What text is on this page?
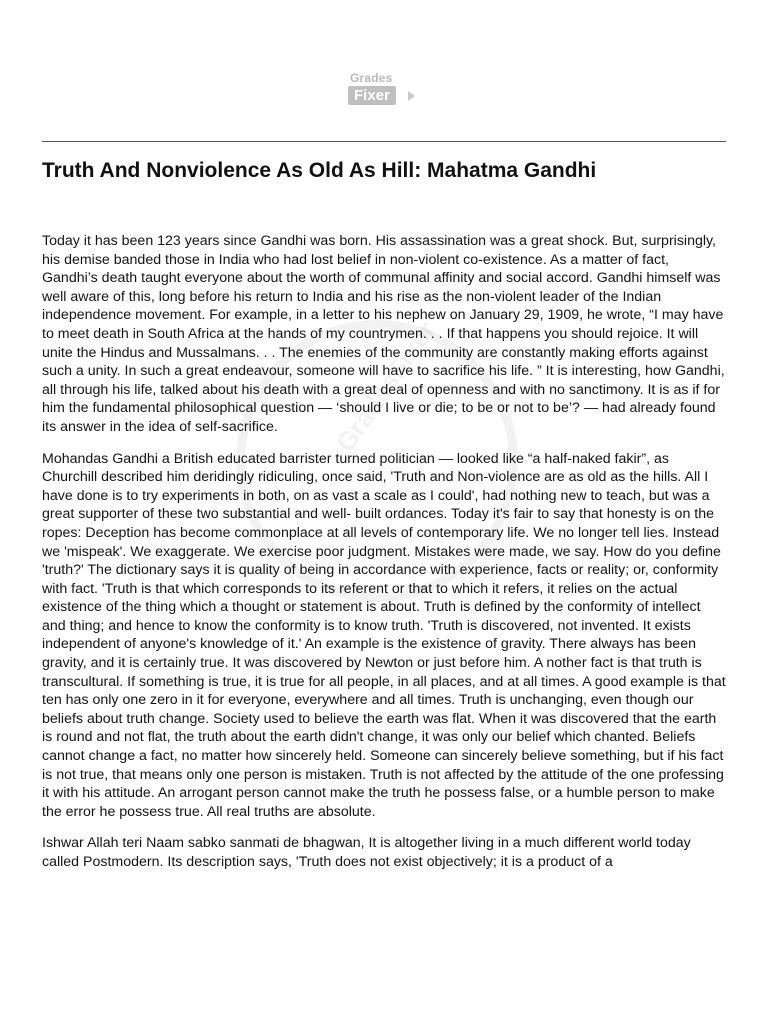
Grades
Fixer
Truth And Nonviolence As Old As Hill: Mahatma Gandhi
GradesFixer

Today it has been 123 years since Gandhi was born. His assassination was a great shock. But, surprisingly, his demise banded those in India who had lost belief in non-violent co-existence. As a matter of fact, Gandhi’s death taught everyone about the worth of communal affinity and social accord. Gandhi himself was well aware of this, long before his return to India and his rise as the non-violent leader of the Indian independence movement. For example, in a letter to his nephew on January 29, 1909, he wrote, “I may have to meet death in South Africa at the hands of my countrymen. . . If that happens you should rejoice. It will unite the Hindus and Mussalmans. . . The enemies of the community are constantly making efforts against such a unity. In such a great endeavour, someone will have to sacrifice his life. ” It is interesting, how Gandhi, all through his life, talked about his death with a great deal of openness and with no sanctimony. It is as if for him the fundamental philosophical question — ‘should I live or die; to be or not to be’? — had already found its answer in the idea of self-sacrifice.

Mohandas Gandhi a British educated barrister turned politician — looked like “a half-naked fakir”, as Churchill described him deridingly ridiculing, once said, 'Truth and Non-violence are as old as the hills. All I have done is to try experiments in both, on as vast a scale as I could', had nothing new to teach, but was a great supporter of these two substantial and well- built ordances. Today it's fair to say that honesty is on the ropes: Deception has become commonplace at all levels of contemporary life. We no longer tell lies. Instead we 'mispeak'. We exaggerate. We exercise poor judgment. Mistakes were made, we say. How do you define 'truth?' The dictionary says it is quality of being in accordance with experience, facts or reality; or, conformity with fact. 'Truth is that which corresponds to its referent or that to which it refers, it relies on the actual existence of the thing which a thought or statement is about. Truth is defined by the conformity of intellect and thing; and hence to know the conformity is to know truth. 'Truth is discovered, not invented. It exists independent of anyone's knowledge of it.' An example is the existence of gravity. There always has been gravity, and it is certainly true. It was discovered by Newton or just before him. A nother fact is that truth is transcultural. If something is true, it is true for all people, in all places, and at all times. A good example is that ten has only one zero in it for everyone, everywhere and all times. Truth is unchanging, even though our beliefs about truth change. Society used to believe the earth was flat. When it was discovered that the earth is round and not flat, the truth about the earth didn't change, it was only our belief which chanted. Beliefs cannot change a fact, no matter how sincerely held. Someone can sincerely believe something, but if his fact is not true, that means only one person is mistaken. Truth is not affected by the attitude of the one professing it with his attitude. An arrogant person cannot make the truth he possess false, or a humble person to make the error he possess true. All real truths are absolute.

Ishwar Allah teri Naam sabko sanmati de bhagwan, It is altogether living in a much different world today called Postmodern. Its description says, 'Truth does not exist objectively; it is a product of a
